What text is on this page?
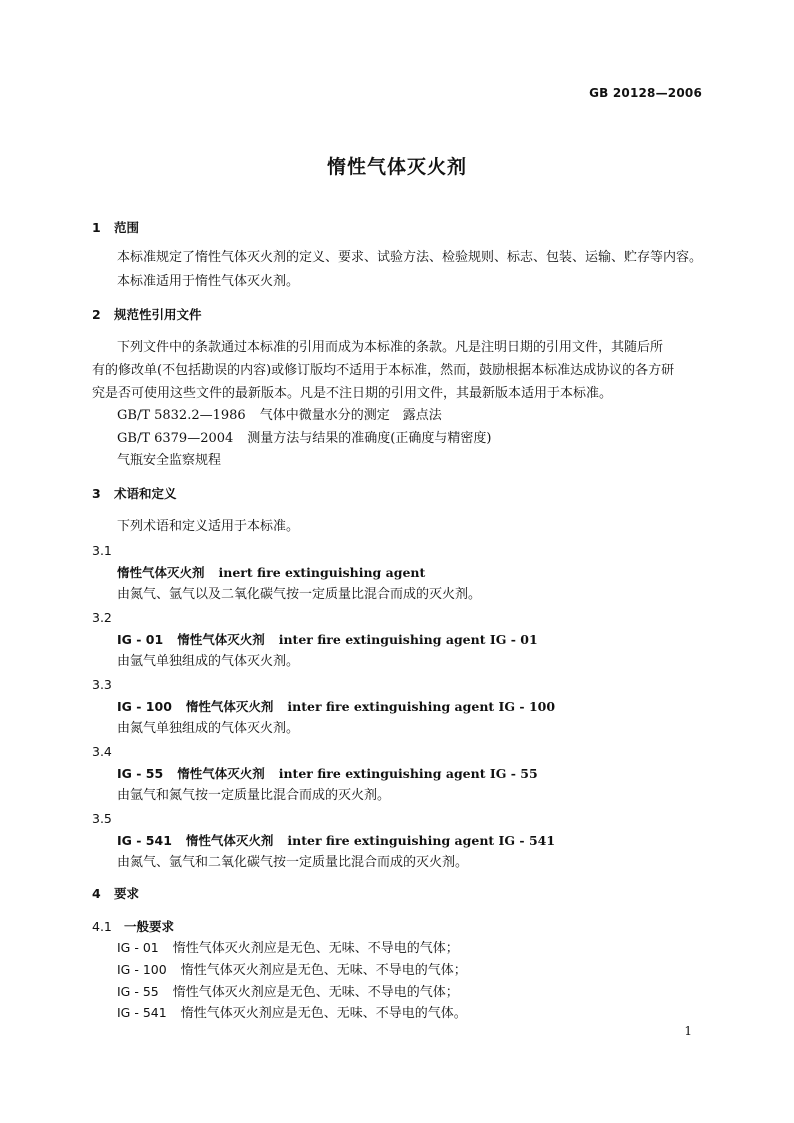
GB 20128—2006
惰性气体灭火剂
1 范围
本标准规定了惰性气体灭火剂的定义、要求、试验方法、检验规则、标志、包装、运输、贮存等内容。
本标准适用于惰性气体灭火剂。
2 规范性引用文件
下列文件中的条款通过本标准的引用而成为本标准的条款。凡是注明日期的引用文件，其随后所
有的修改单(不包括勘误的内容)或修订版均不适用于本标准，然而，鼓励根据本标准达成协议的各方研
究是否可使用这些文件的最新版本。凡是不注日期的引用文件，其最新版本适用于本标准。
GB/T 5832.2—1986 气体中微量水分的测定　露点法
GB/T 6379—2004 测量方法与结果的准确度(正确度与精密度)
气瓶安全监察规程
3 术语和定义
下列术语和定义适用于本标准。
3.1
惰性气体灭火剂 inert fire extinguishing agent
由氮气、氩气以及二氧化碳气按一定质量比混合而成的灭火剂。
3.2
IG - 01 惰性气体灭火剂 inter fire extinguishing agent IG - 01
由氩气单独组成的气体灭火剂。
3.3
IG - 100 惰性气体灭火剂 inter fire extinguishing agent IG - 100
由氮气单独组成的气体灭火剂。
3.4
IG - 55 惰性气体灭火剂 inter fire extinguishing agent IG - 55
由氩气和氮气按一定质量比混合而成的灭火剂。
3.5
IG - 541 惰性气体灭火剂 inter fire extinguishing agent IG - 541
由氮气、氩气和二氧化碳气按一定质量比混合而成的灭火剂。
4 要求
4.1 一般要求
IG - 01 惰性气体灭火剂应是无色、无味、不导电的气体；
IG - 100 惰性气体灭火剂应是无色、无味、不导电的气体；
IG - 55 惰性气体灭火剂应是无色、无味、不导电的气体；
IG - 541 惰性气体灭火剂应是无色、无味、不导电的气体。
1
